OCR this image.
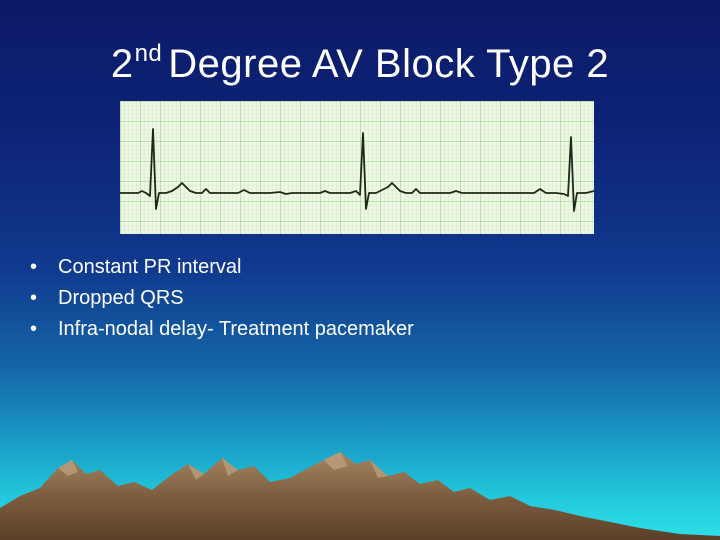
2nd Degree AV Block Type 2
• Constant PR interval
• Dropped QRS
• Infra-nodal delay- Treatment pacemaker
